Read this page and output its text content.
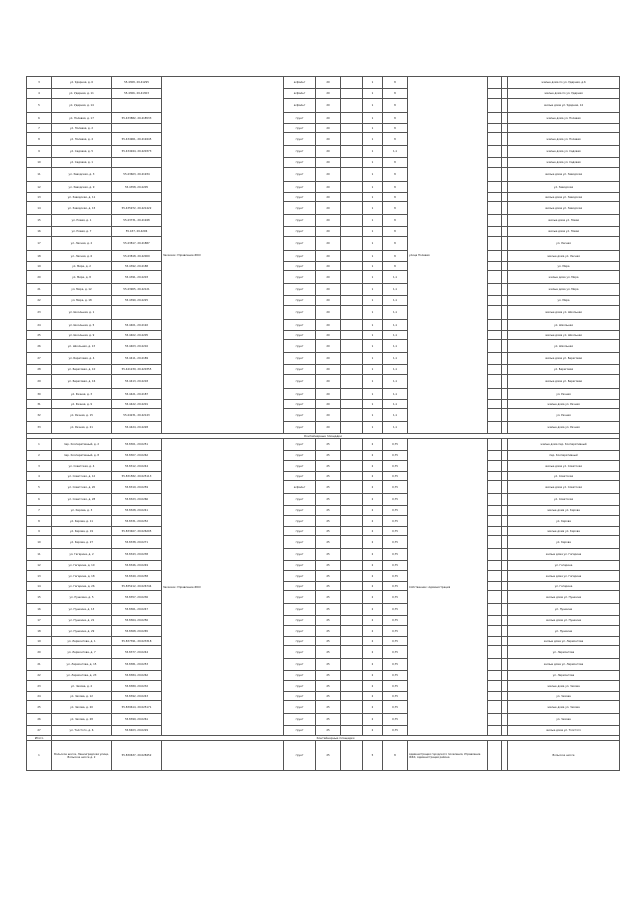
3	ул. Ударная, д. 6	55.4308, 29.41295	Заказчик: Управление ЖКХ	асфальт	20		1	8	улица Полевая			жилые дома по ул. Ударная, д.6
4	ул. Ударная, д. 11	55.4306, 29.41303		асфальт	20		1	8				жилые дома по ул. Ударная
5	ул. Ударная, д. 14			асфальт	20		1	8				жилые дома ул. Ударная, 14
6	ул. Полевая, д. 17	55.433882, 29.418533		грунт	20		1	8				жилые дома ул. Полевая
7	ул. Полевая, д. 2			грунт	20		1	8				
8	ул. Полевая, д. 4	55.434961, 29.419445		грунт	20		1	8				жилые дома ул. Полевая
9	ул. Садовая, д. 5	55.434944, 29.420373		грунт	20		1	1,1				жилые дома ул. Садовая
10	ул. Садовая, д. 1			грунт	20		1	8				жилые дома ул. Садовая
11	ул. Заводская, д. 3	55.43603, 29.41934		грунт	20		1	8				жилые дома ул. Заводская
12	ул. Заводская, д. 9	55.4358, 29.4205		грунт	20		1	8				ул. Заводская
13	ул. Заводская, д. 11			грунт	20		1	8				жилые дома ул. Заводская
14	ул. Заводская, д. 15	55.435972, 29.421422		грунт	20		1	8				жилые дома ул. Заводская
15	ул. Новая, д. 1	55.43731, 29.41948		грунт	20		1	8				жилые дома ул. Новая
16	ул. Новая, д. 7	55.437, 29.4206		грунт	20		1	8				жилые дома ул. Новая
17	ул. Лесная, д. 2	55.43817, 29.41887		грунт	20		1	8				ул. Лесная
18	ул. Лесная, д. 6	55.43818, 29.42009		грунт	20		1	8				жилые дома ул. Лесная
19	ул. Мира, д. 2	55.4392, 29.4188		грунт	20		1	8				ул. Мира
20	ул. Мира, д. 8	55.4391, 29.4203		грунт	20		1	1,1				жилые дома ул. Мира
21	ул. Мира, д. 12	55.43905, 29.42121		грунт	20		1	1,1				жилые дома ул. Мира
22	ул. Мира, д. 18	55.4390, 29.4225		грунт	20		1	1,1				ул. Мира
23	ул. Школьная, д. 1			грунт	20		1	1,1				жилые дома ул. Школьная
24	ул. Школьная, д. 5	55.4401, 29.4192		грунт	20		1	1,1				ул. Школьная
25	ул. Школьная, д. 9	55.4402, 29.4205		грунт	20		1	1,1				жилые дома ул. Школьная
26	ул. Школьная, д. 13	55.4403, 29.4216		грунт	20		1	1,1				ул. Школьная
27	ул. Береговая, д. 4	55.4411, 29.4189		грунт	20		1	1,1				жилые дома ул. Береговая
28	ул. Береговая, д. 10	55.441239, 29.420355		грунт	20		1	1,1				ул. Береговая
29	ул. Береговая, д. 16	55.4413, 29.4218		грунт	20		1	1,1				жилые дома ул. Береговая
30	ул. Речная, д. 3	55.4421, 29.4187		грунт	20		1	1,1				ул. Речная
31	ул. Речная, д. 9	55.4422, 29.4201		грунт	20		1	1,1				жилые дома ул. Речная
32	ул. Речная, д. 15	55.44231, 29.42143		грунт	20		1	1,1				ул. Речная
33	ул. Речная, д. 21	55.4424, 29.4228		грунт	20		1	1,1				жилые дома ул. Речная
Контейнерные площадки												
1	пер. Кооперативный, д. 2	55.8301, 29.0251	Заказчик: Управление ЖКХ	грунт	25		2	0,75	Собственник: Администрация			жилые дома пер. Кооперативный
2	пер. Кооперативный, д. 8	55.8307, 29.0262		грунт	25		2	0,75				пер. Кооперативный
3	ул. Советская, д. 4	55.8312, 29.0244		грунт	25		2	0,75				жилые дома ул. Советская
4	ул. Советская, д. 12	55.831582, 29.025113		грунт	25		2	0,75				ул. Советская
5	ул. Советская, д. 20	55.8319, 29.0259		асфальт	25		2	0,75				жилые дома ул. Советская
6	ул. Советская, д. 28	55.8323, 29.0266		грунт	25		2	0,75				ул. Советская
7	ул. Кирова, д. 3	55.8328, 29.0241		грунт	25		2	0,75				жилые дома ул. Кирова
8	ул. Кирова, д. 11	55.8331, 29.0252		грунт	25		2	0,75				ул. Кирова
9	ул. Кирова, д. 19	55.833467, 29.026205		грунт	25		2	0,75				жилые дома ул. Кирова
10	ул. Кирова, д. 27	55.8338, 29.0271		грунт	25		2	0,75				ул. Кирова
11	ул. Гагарина, д. 2	55.8343, 29.0238		грунт	25		2	0,75				жилые дома ул. Гагарина
12	ул. Гагарина, д. 10	55.8346, 29.0249		грунт	25		2	0,75				ул. Гагарина
13	ул. Гагарина, д. 18	55.8349, 29.0258		грунт	25		2	0,75				жилые дома ул. Гагарина
14	ул. Гагарина, д. 26	55.835212, 29.026744		грунт	25		2	0,75				ул. Гагарина
15	ул. Пушкина, д. 5	55.8357, 29.0236		грунт	25		2	0,75				жилые дома ул. Пушкина
16	ул. Пушкина, д. 13	55.8361, 29.0247		грунт	25		2	0,75				ул. Пушкина
17	ул. Пушкина, д. 21	55.8364, 29.0256		грунт	25		2	0,75				жилые дома ул. Пушкина
18	ул. Пушкина, д. 29	55.8368, 29.0265		грунт	25		2	0,75				ул. Пушкина
19	ул. Лермонтова, д. 1	55.837391, 29.023318		грунт	25		2	0,75				жилые дома ул. Лермонтова
20	ул. Лермонтова, д. 7	55.8377, 29.0244		грунт	25		2	0,75				ул. Лермонтова
21	ул. Лермонтова, д. 15	55.8381, 29.0253		грунт	25		2	0,75				жилые дома ул. Лермонтова
22	ул. Лермонтова, д. 23	55.8384, 29.0262		грунт	25		2	0,75				ул. Лермонтова
23	ул. Чехова, д. 4	55.8389, 29.0232		грунт	25		2	0,75				жилые дома ул. Чехова
24	ул. Чехова, д. 12	55.8392, 29.0243		грунт	25		2	0,75				ул. Чехова
25	ул. Чехова, д. 20	55.839614, 29.025171		грунт	25		2	0,75				жилые дома ул. Чехова
26	ул. Чехова, д. 28	55.8399, 29.0261		грунт	25		2	0,75				ул. Чехова
27	ул. Толстого, д. 6	55.8403, 29.0229		грунт	25		2	0,75				жилые дома ул. Толстого
Итого	Контейнерные площадки											
1	Вольское шоссе, Ленинградская улица, Вольское шоссе д. 2	55.830637, 29.028452		грунт	25		5	8	Администрация городского поселения, Управление ЖКХ, Администрация района			Вольское шоссе
